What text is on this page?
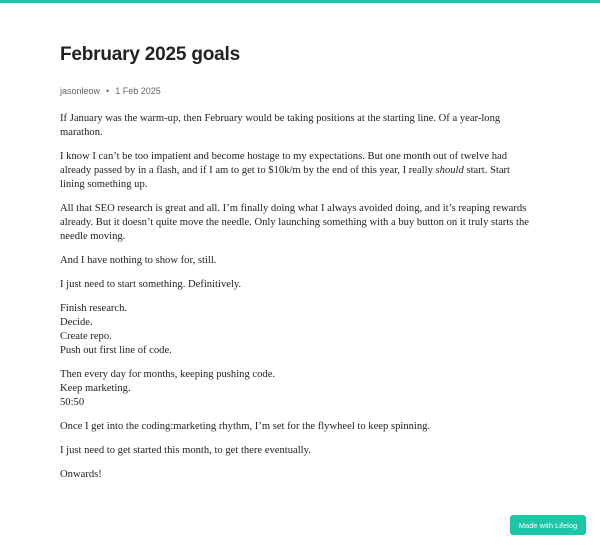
February 2025 goals
jasonleow • 1 Feb 2025

If January was the warm-up, then February would be taking positions at the starting line. Of a year-long marathon.

I know I can’t be too impatient and become hostage to my expectations. But one month out of twelve had already passed by in a flash, and if I am to get to $10k/m by the end of this year, I really should start. Start lining something up.

All that SEO research is great and all. I’m finally doing what I always avoided doing, and it’s reaping rewards already. But it doesn’t quite move the needle. Only launching something with a buy button on it truly starts the needle moving.

And I have nothing to show for, still.

I just need to start something. Definitively.

Finish research.
Decide.
Create repo.
Push out first line of code.

Then every day for months, keeping pushing code.
Keep marketing.
50:50

Once I get into the coding:marketing rhythm, I’m set for the flywheel to keep spinning.

I just need to get started this month, to get there eventually.

Onwards!

Made with Lifelog
